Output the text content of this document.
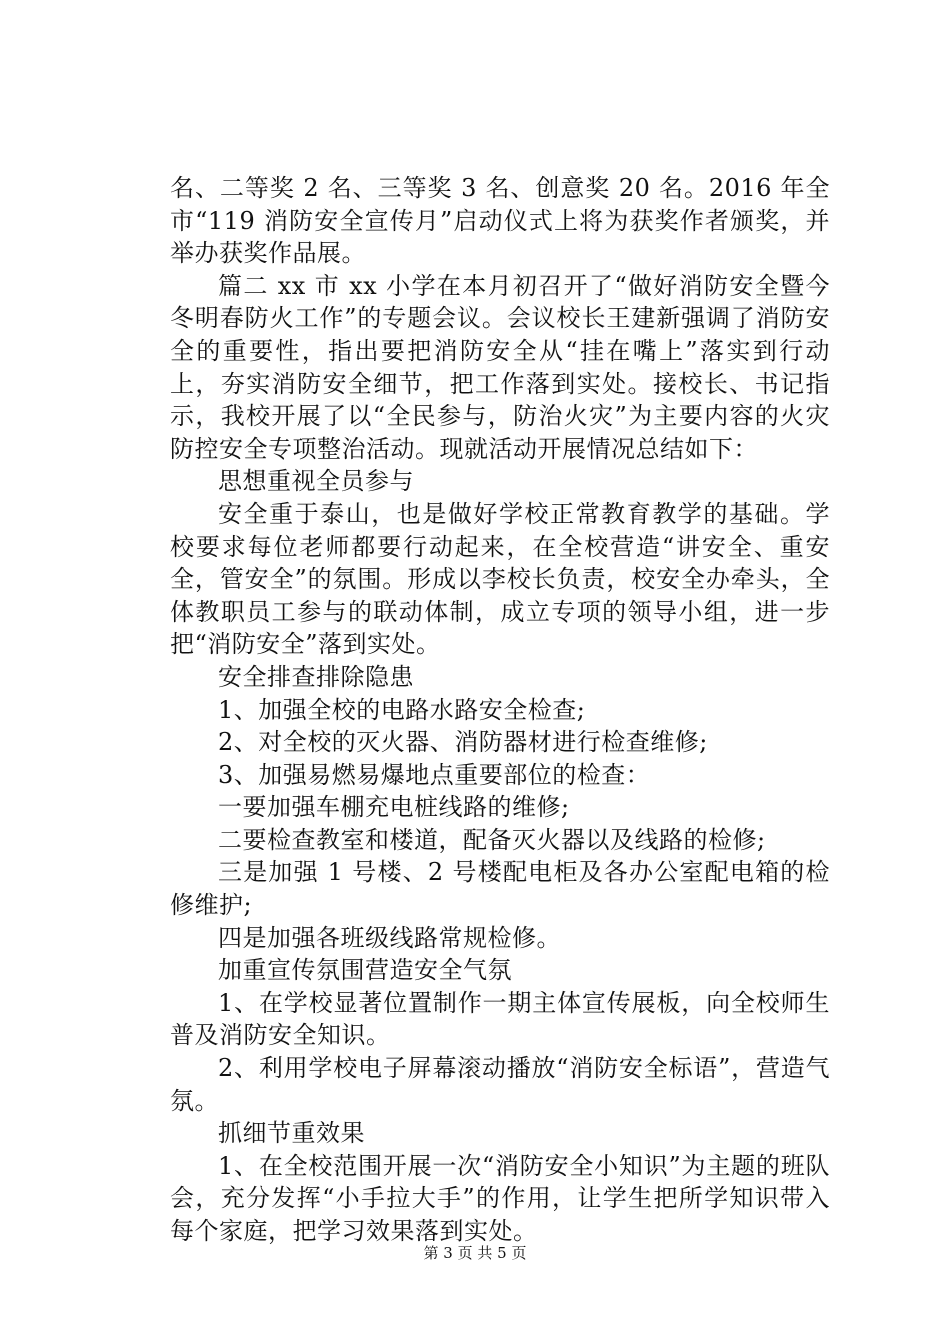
名、二等奖 2 名、三等奖 3 名、创意奖 20 名。2016 年全市“119 消防安全宣传月”启动仪式上将为获奖作者颁奖，并举办获奖作品展。

篇二 xx 市 xx 小学在本月初召开了“做好消防安全暨今冬明春防火工作”的专题会议。会议校长王建新强调了消防安全的重要性，指出要把消防安全从“挂在嘴上”落实到行动上，夯实消防安全细节，把工作落到实处。接校长、书记指示，我校开展了以“全民参与，防治火灾”为主要内容的火灾防控安全专项整治活动。现就活动开展情况总结如下：

思想重视全员参与

安全重于泰山，也是做好学校正常教育教学的基础。学校要求每位老师都要行动起来，在全校营造“讲安全、重安全，管安全”的氛围。形成以李校长负责，校安全办牵头，全体教职员工参与的联动体制，成立专项的领导小组，进一步把“消防安全”落到实处。

安全排查排除隐患

1、加强全校的电路水路安全检查;

2、对全校的灭火器、消防器材进行检查维修;

3、加强易燃易爆地点重要部位的检查：

一要加强车棚充电桩线路的维修;

二要检查教室和楼道，配备灭火器以及线路的检修;

三是加强 1 号楼、2 号楼配电柜及各办公室配电箱的检修维护;

四是加强各班级线路常规检修。

加重宣传氛围营造安全气氛

1、在学校显著位置制作一期主体宣传展板，向全校师生普及消防安全知识。

2、利用学校电子屏幕滚动播放“消防安全标语”，营造气氛。

抓细节重效果

1、在全校范围开展一次“消防安全小知识”为主题的班队会，充分发挥“小手拉大手”的作用，让学生把所学知识带入每个家庭，把学习效果落到实处。

第 3 页 共 5 页
